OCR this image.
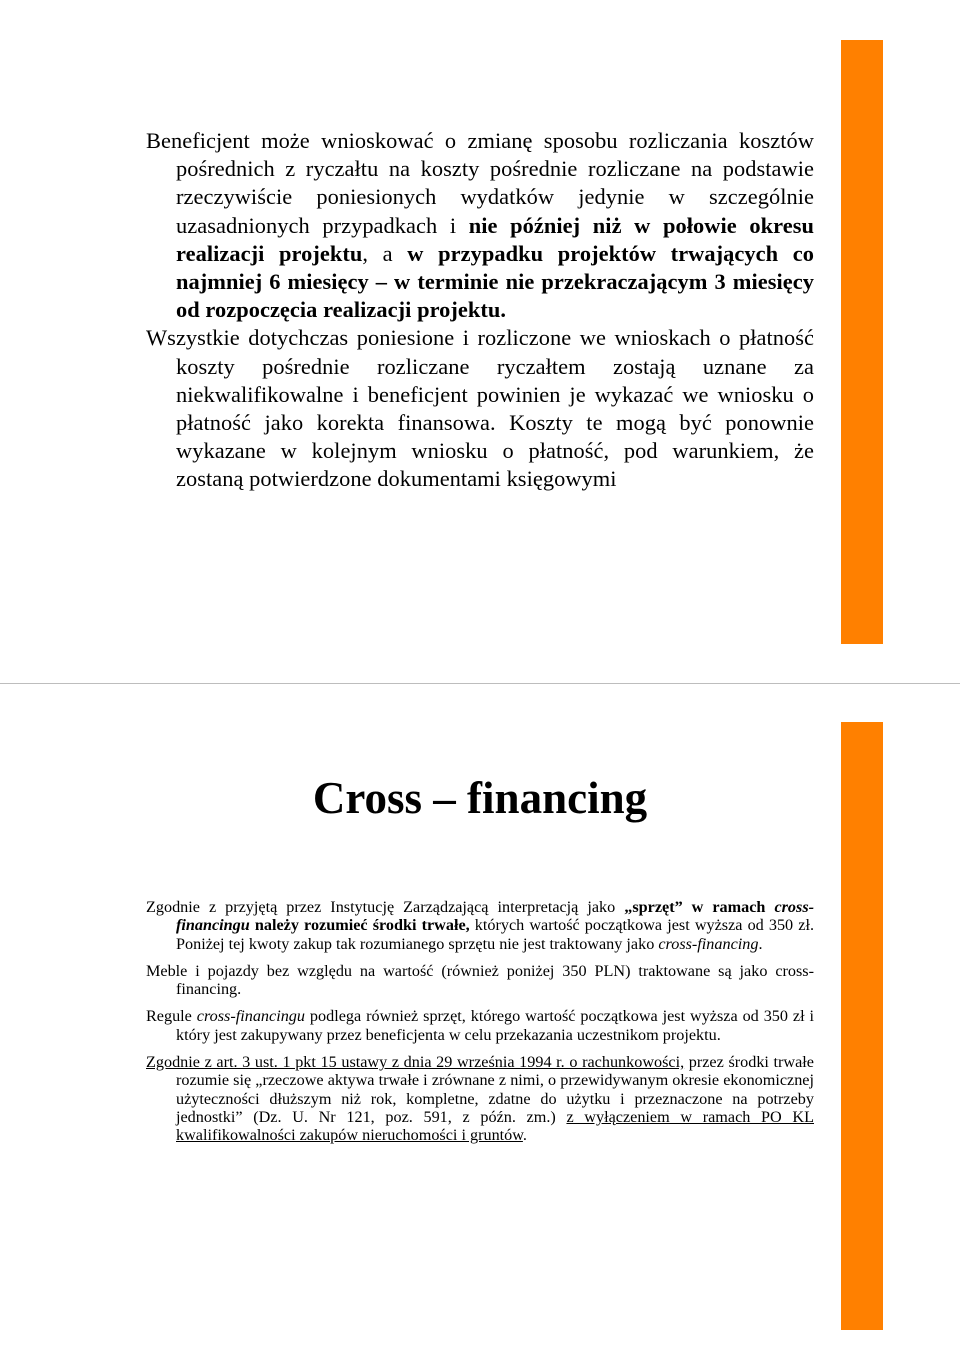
Beneficjent może wnioskować o zmianę sposobu rozliczania kosztów pośrednich z ryczałtu na koszty pośrednie rozliczane na podstawie rzeczywiście poniesionych wydatków jedynie w szczególnie uzasadnionych przypadkach i nie później niż w połowie okresu realizacji projektu, a w przypadku projektów trwających co najmniej 6 miesięcy – w terminie nie przekraczającym 3 miesięcy od rozpoczęcia realizacji projektu.

Wszystkie dotychczas poniesione i rozliczone we wnioskach o płatność koszty pośrednie rozliczane ryczałtem zostają uznane za niekwalifikowalne i beneficjent powinien je wykazać we wniosku o płatność jako korekta finansowa. Koszty te mogą być ponownie wykazane w kolejnym wniosku o płatność, pod warunkiem, że zostaną potwierdzone dokumentami księgowymi

Cross – financing

Zgodnie z przyjętą przez Instytucję Zarządzającą interpretacją jako „sprzęt” w ramach cross-financingu należy rozumieć środki trwałe, których wartość początkowa jest wyższa od 350 zł. Poniżej tej kwoty zakup tak rozumianego sprzętu nie jest traktowany jako cross-financing.

Meble i pojazdy bez względu na wartość (również poniżej 350 PLN) traktowane są jako cross-financing.

Regule cross-financingu podlega również sprzęt, którego wartość początkowa jest wyższa od 350 zł i który jest zakupywany przez beneficjenta w celu przekazania uczestnikom projektu.

Zgodnie z art. 3 ust. 1 pkt 15 ustawy z dnia 29 września 1994 r. o rachunkowości, przez środki trwałe rozumie się „rzeczowe aktywa trwałe i zrównane z nimi, o przewidywanym okresie ekonomicznej użyteczności dłuższym niż rok, kompletne, zdatne do użytku i przeznaczone na potrzeby jednostki” (Dz. U. Nr 121, poz. 591, z późn. zm.) z wyłączeniem w ramach PO KL kwalifikowalności zakupów nieruchomości i gruntów.
